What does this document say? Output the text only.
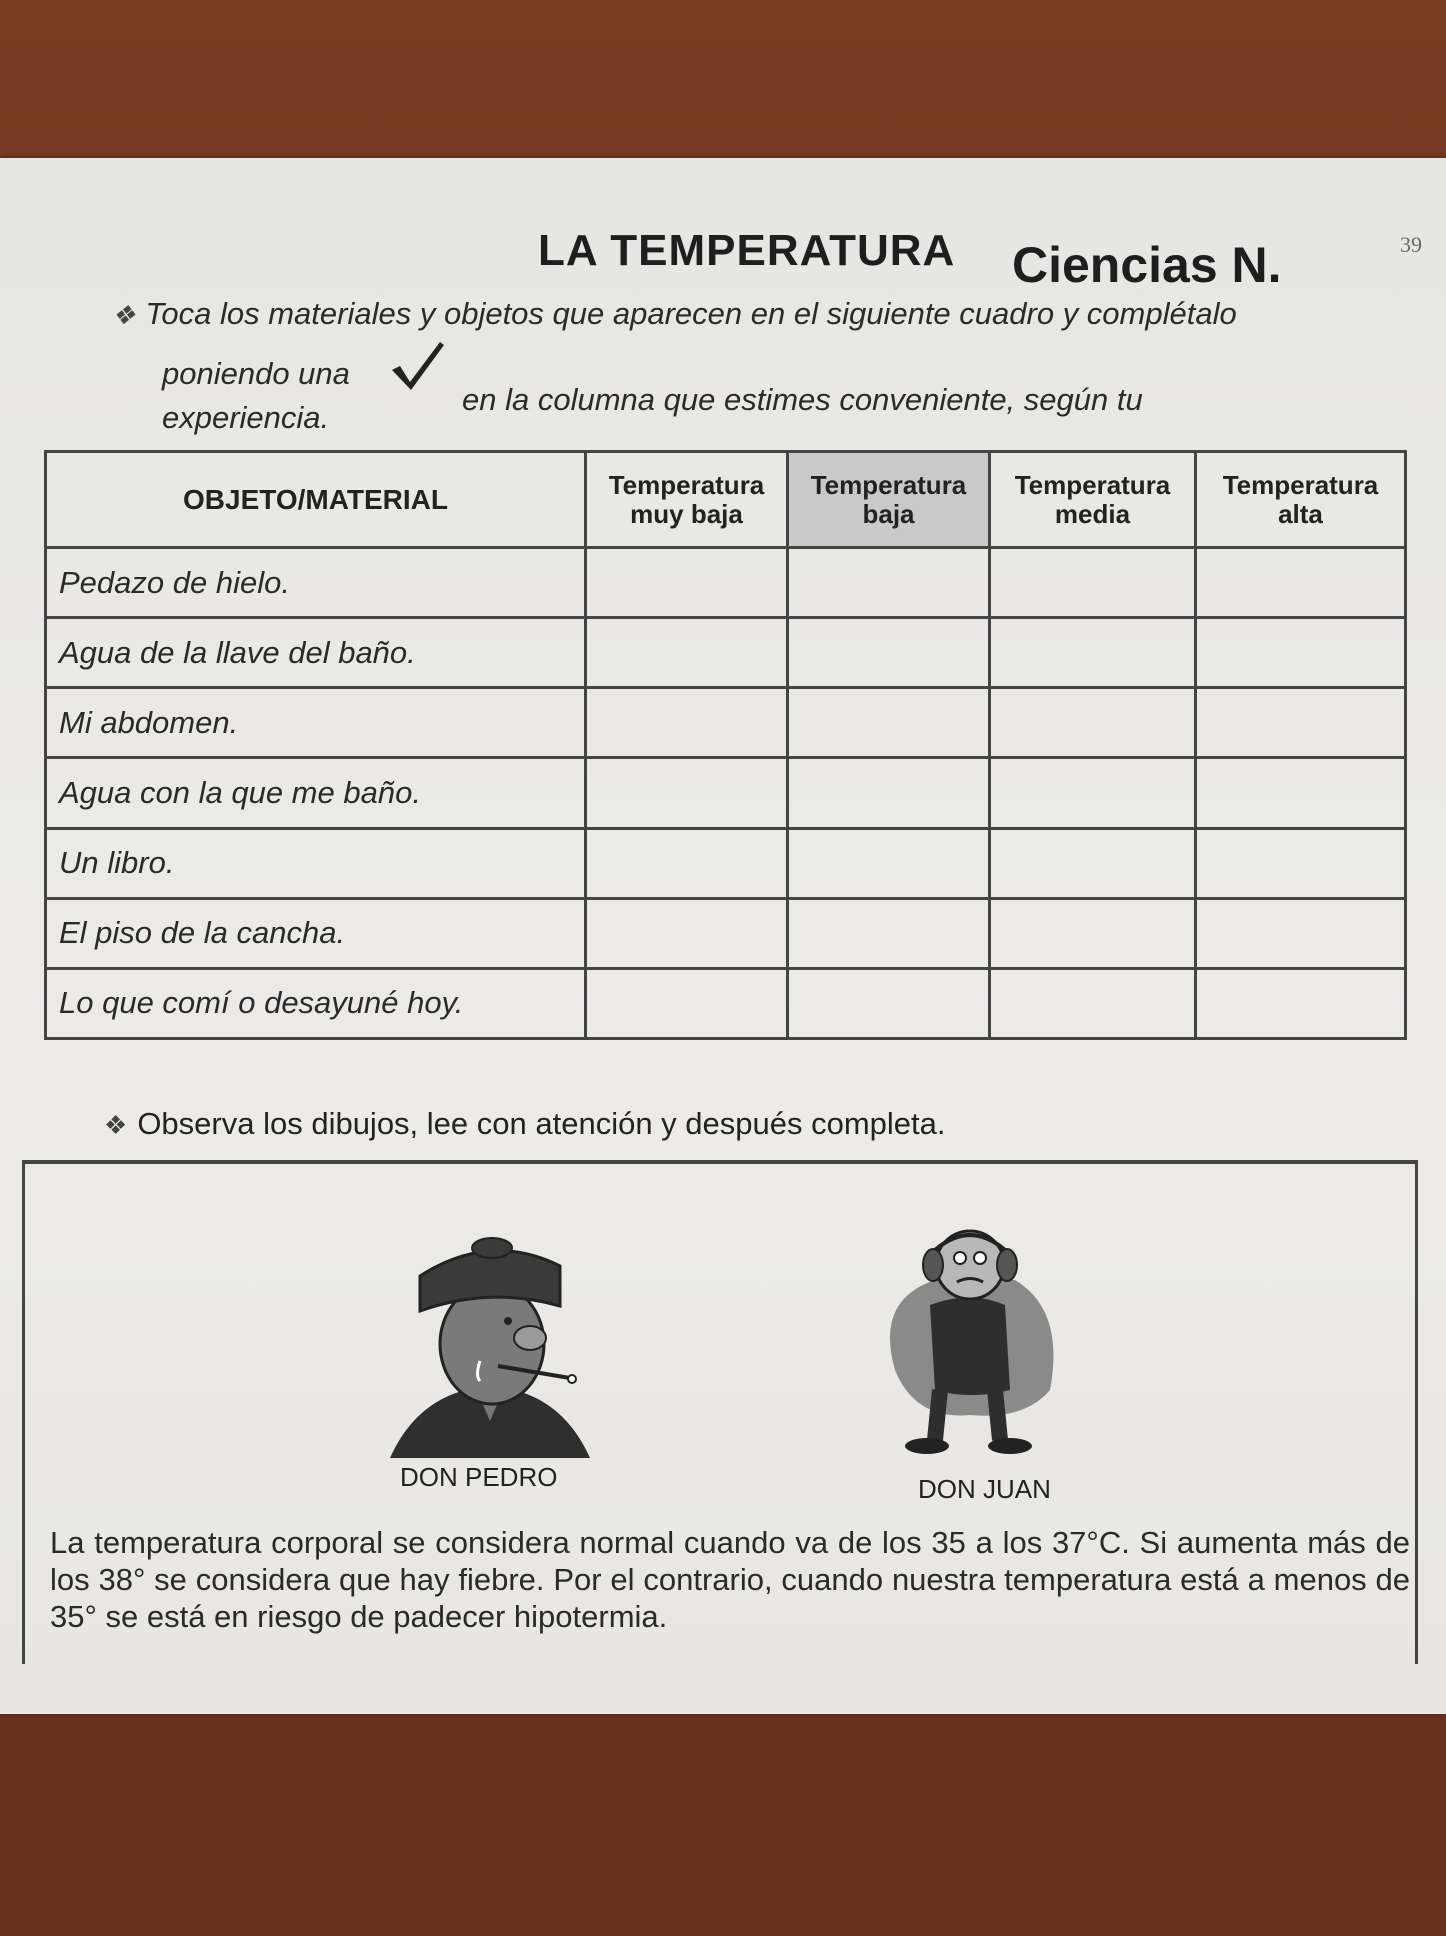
LA TEMPERATURA Ciencias N.	39
❖ Toca los materiales y objetos que aparecen en el siguiente cuadro y complétalo
poniendo una
en la columna que estimes conveniente, según tu
experiencia.
OBJETO/MATERIAL	Temperatura muy baja	Temperatura baja	Temperatura media	Temperatura alta
Pedazo de hielo.				
Agua de la llave del baño.				
Mi abdomen.				
Agua con la que me baño.				
Un libro.				
El piso de la cancha.				
Lo que comí o desayuné hoy.				
❖ Observa los dibujos, lee con atención y después completa.
DON PEDRO	DON JUAN
La temperatura corporal se considera normal cuando va de los 35 a los 37°C. Si aumenta más de los 38° se considera que hay fiebre. Por el contrario, cuando nuestra temperatura está a menos de 35° se está en riesgo de padecer hipotermia.
